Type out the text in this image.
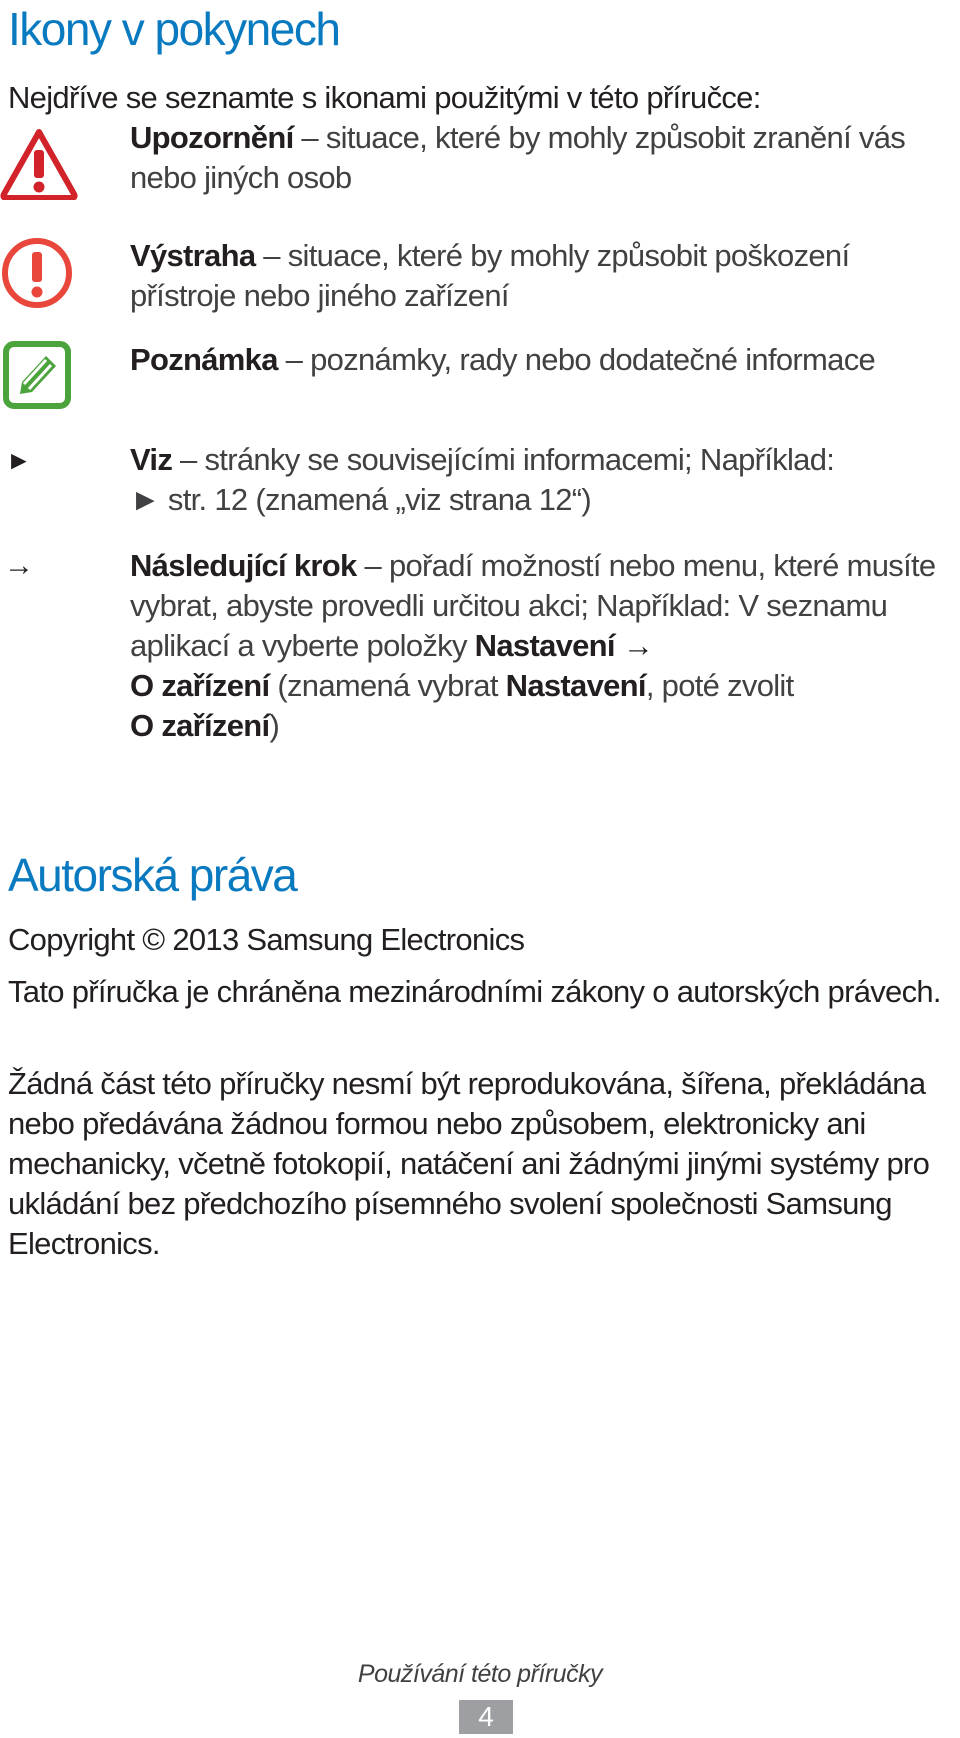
Ikony v pokynech

Nejdříve se seznamte s ikonami použitými v této příručce:

Upozornění – situace, které by mohly způsobit zranění vás nebo jiných osob

Výstraha – situace, které by mohly způsobit poškození přístroje nebo jiného zařízení

Poznámka – poznámky, rady nebo dodatečné informace

►	Viz – stránky se souvisejícími informacemi; Například:
► str. 12 (znamená „viz strana 12“)

→	Následující krok – pořadí možností nebo menu, které musíte vybrat, abyste provedli určitou akci; Například: V seznamu aplikací a vyberte položky Nastavení →
O zařízení (znamená vybrat Nastavení, poté zvolit
O zařízení)

Autorská práva

Copyright © 2013 Samsung Electronics

Tato příručka je chráněna mezinárodními zákony o autorských právech.

Žádná část této příručky nesmí být reprodukována, šířena, překládána nebo předávána žádnou formou nebo způsobem, elektronicky ani mechanicky, včetně fotokopií, natáčení ani žádnými jinými systémy pro ukládání bez předchozího písemného svolení společnosti Samsung Electronics.

Používání této příručky
4
